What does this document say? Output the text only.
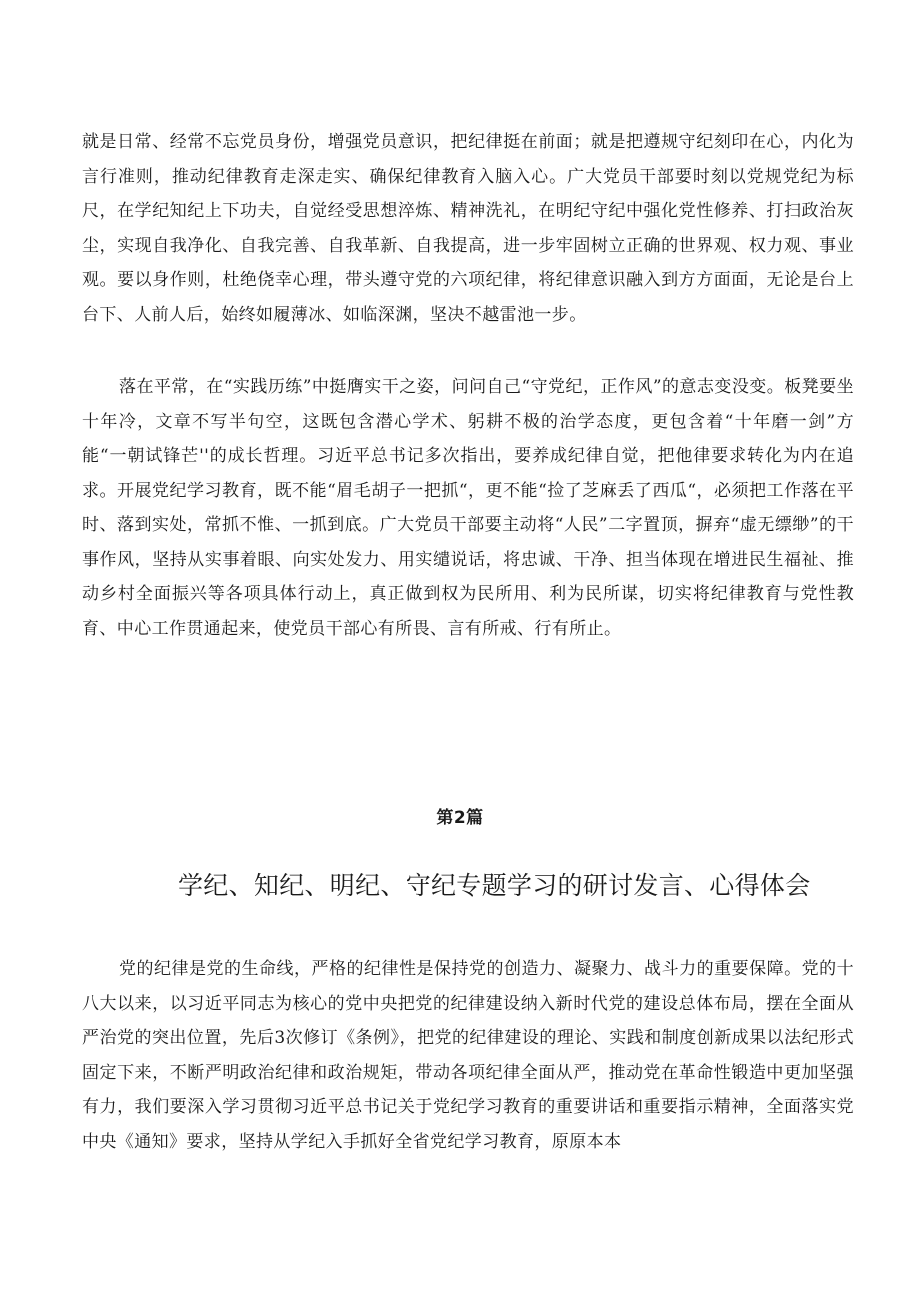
就是日常、经常不忘党员身份，增强党员意识，把纪律挺在前面；就是把遵规守纪刻印在心，内化为言行准则，推动纪律教育走深走实、确保纪律教育入脑入心。广大党员干部要时刻以党规党纪为标尺，在学纪知纪上下功夫，自觉经受思想淬炼、精神洗礼，在明纪守纪中强化党性修养、打扫政治灰尘，实现自我净化、自我完善、自我革新、自我提高，进一步牢固树立正确的世界观、权力观、事业观。要以身作则，杜绝侥幸心理，带头遵守党的六项纪律，将纪律意识融入到方方面面，无论是台上台下、人前人后，始终如履薄冰、如临深渊，坚决不越雷池一步。

落在平常，在“实践历练”中挺膺实干之姿，问问自己“守党纪，正作风”的意志变没变。板凳要坐十年冷，文章不写半句空，这既包含潜心学术、躬耕不极的治学态度，更包含着“十年磨一剑”方能“一朝试锋芒''的成长哲理。习近平总书记多次指出，要养成纪律自觉，把他律要求转化为内在追求。开展党纪学习教育，既不能“眉毛胡子一把抓“，更不能“捡了芝麻丢了西瓜“，必须把工作落在平时、落到实处，常抓不惟、一抓到底。广大党员干部要主动将“人民”二字置顶，摒弃“虚无缥缈”的干事作风，坚持从实事着眼、向实处发力、用实缱说话，将忠诚、干净、担当体现在增进民生福祉、推动乡村全面振兴等各项具体行动上，真正做到权为民所用、利为民所谋，切实将纪律教育与党性教育、中心工作贯通起来，使党员干部心有所畏、言有所戒、行有所止。

第2篇

学纪、知纪、明纪、守纪专题学习的研讨发言、心得体会

党的纪律是党的生命线，严格的纪律性是保持党的创造力、凝聚力、战斗力的重要保障。党的十八大以来，以习近平同志为核心的党中央把党的纪律建设纳入新时代党的建设总体布局，摆在全面从严治党的突出位置，先后3次修订《条例》，把党的纪律建设的理论、实践和制度创新成果以法纪形式固定下来，不断严明政治纪律和政治规矩，带动各项纪律全面从严，推动党在革命性锻造中更加坚强有力，我们要深入学习贯彻习近平总书记关于党纪学习教育的重要讲话和重要指示精神，全面落实党中央《通知》要求，坚持从学纪入手抓好全省党纪学习教育，原原本本
